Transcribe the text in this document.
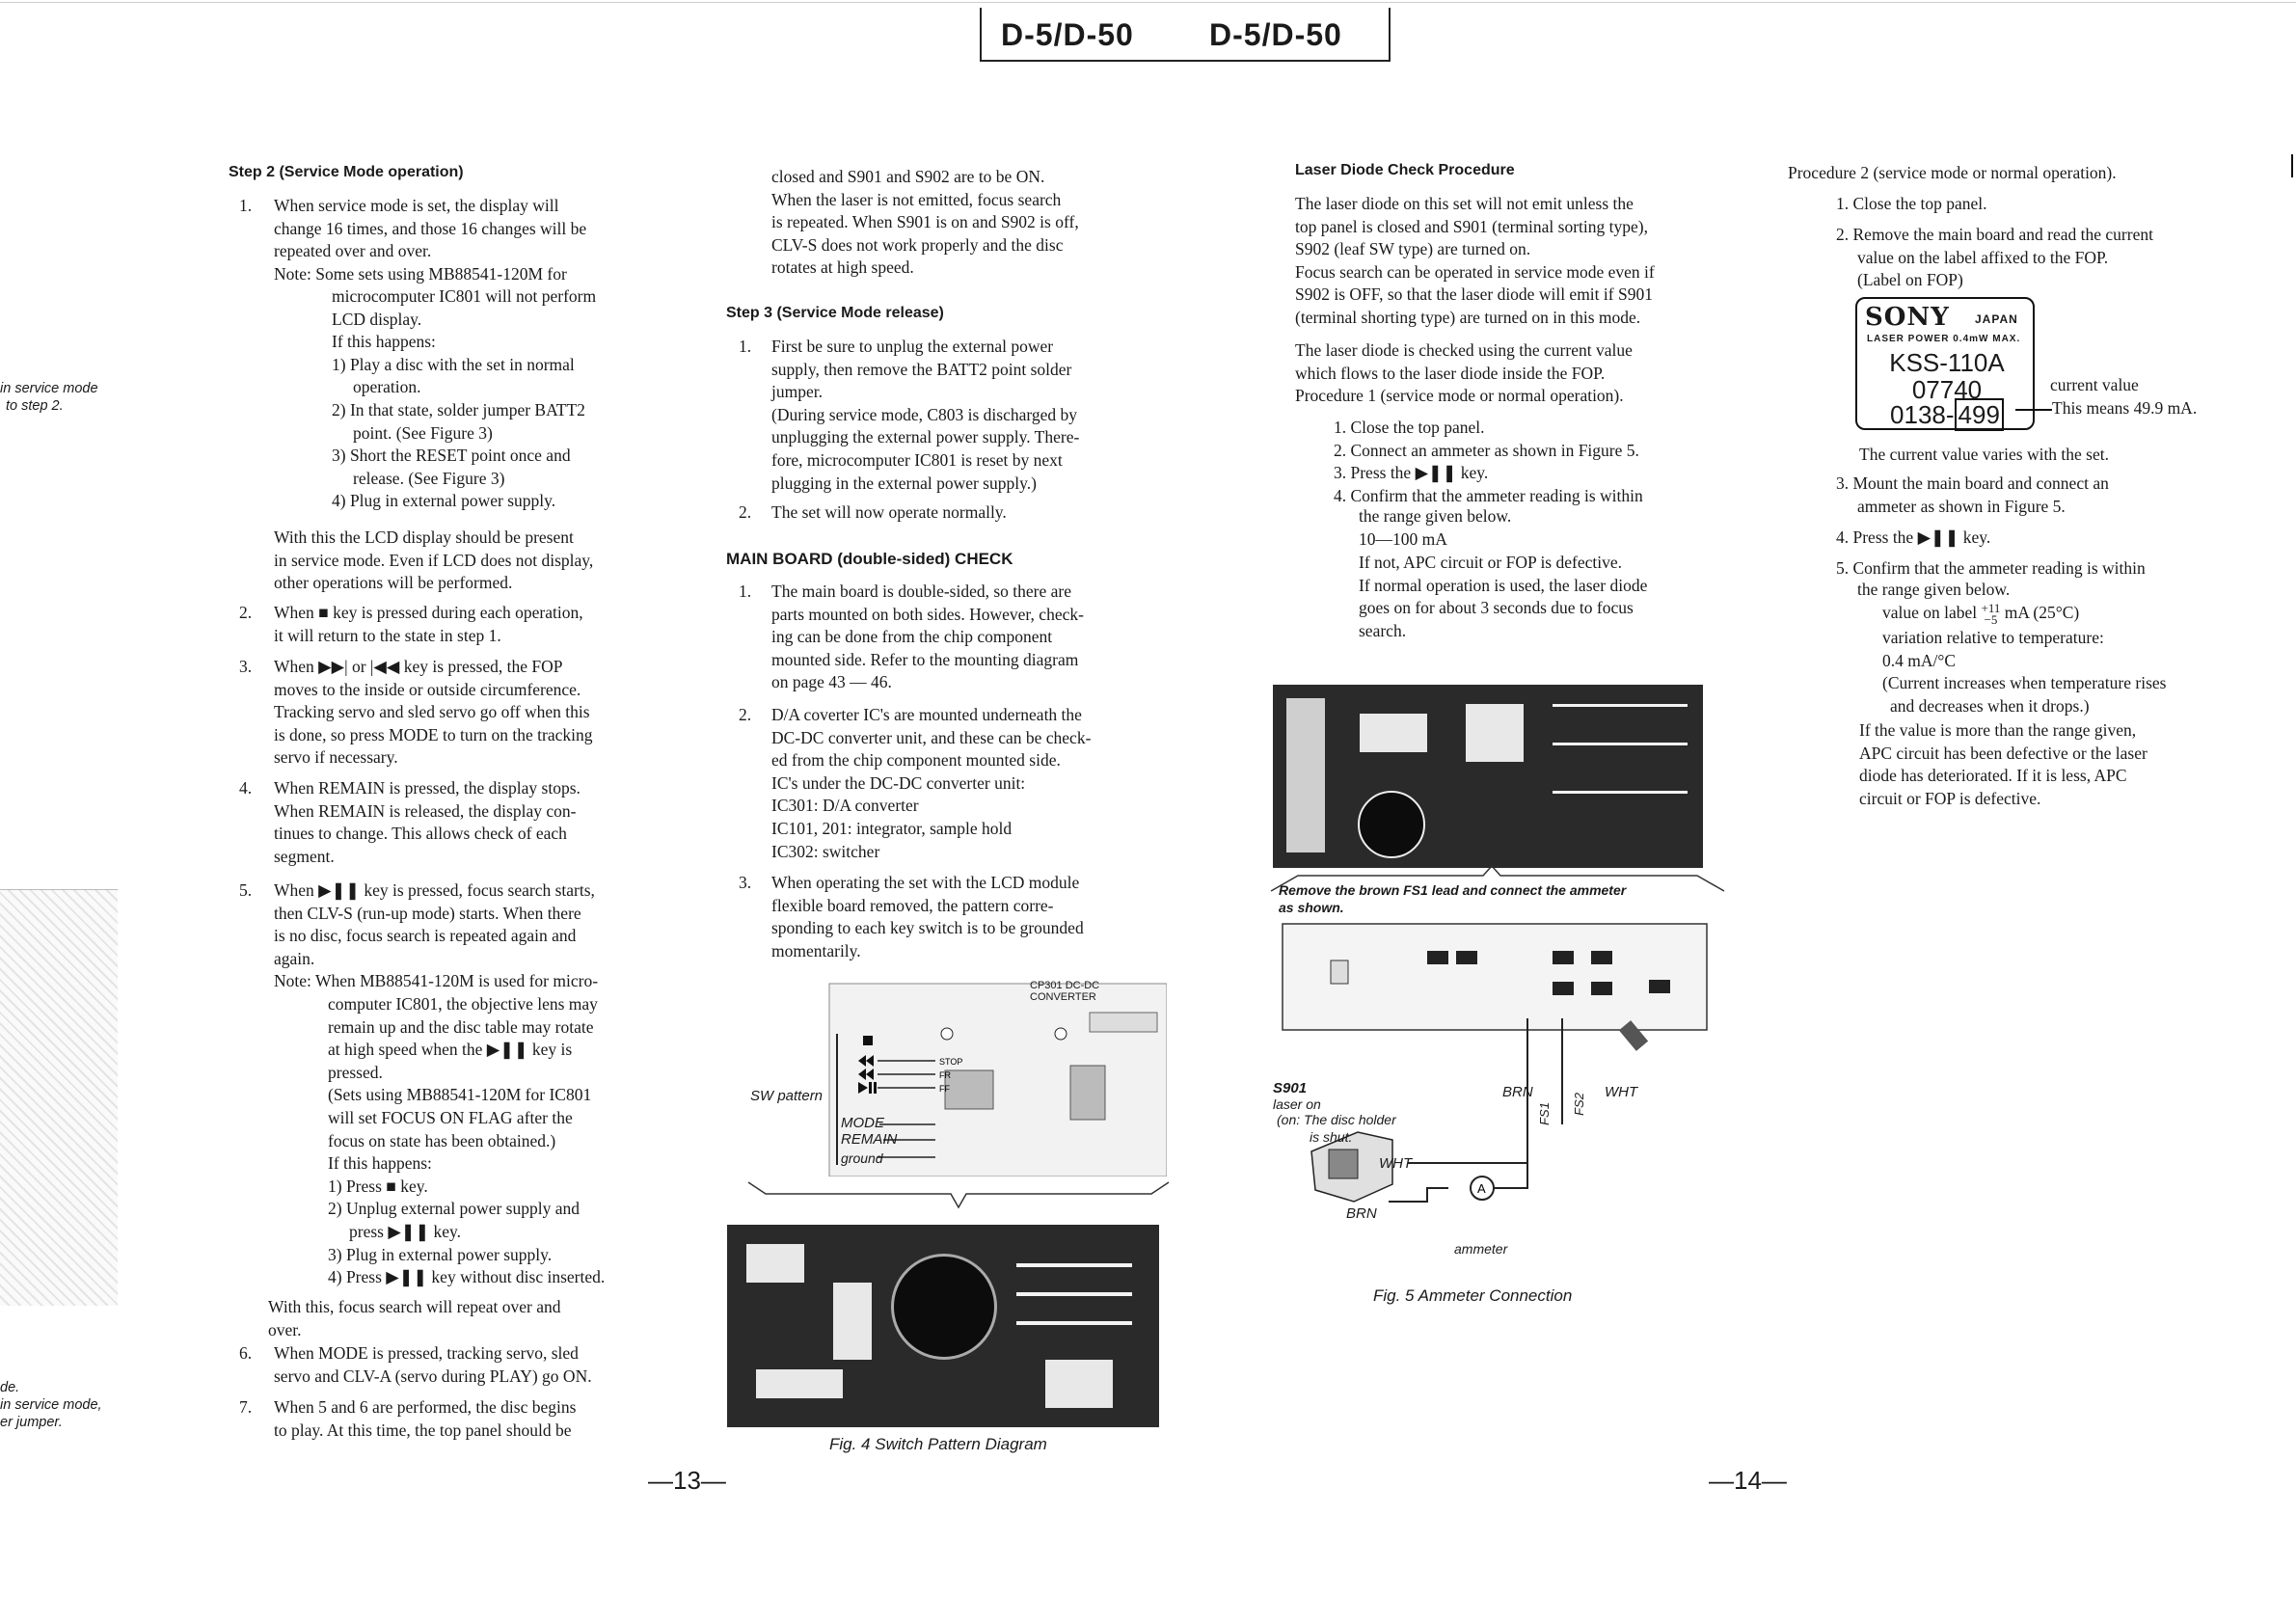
D-5/D-50 D-5/D-50
in service mode
to step 2.
de.
in service mode,
er jumper.
Step 2 (Service Mode operation)
1. When service mode is set, the display will
change 16 times, and those 16 changes will be
repeated over and over.
Note: Some sets using MB88541-120M for
microcomputer IC801 will not perform
LCD display.
If this happens:
1) Play a disc with the set in normal
operation.
2) In that state, solder jumper BATT2
point. (See Figure 3)
3) Short the RESET point once and
release. (See Figure 3)
4) Plug in external power supply.
With this the LCD display should be present
in service mode. Even if LCD does not display,
other operations will be performed.
2. When ■ key is pressed during each operation,
it will return to the state in step 1.
3. When ▶▶| or |◀◀ key is pressed, the FOP
moves to the inside or outside circumference.
Tracking servo and sled servo go off when this
is done, so press MODE to turn on the tracking
servo if necessary.
4. When REMAIN is pressed, the display stops.
When REMAIN is released, the display con-
tinues to change. This allows check of each
segment.
5. When ▶❚❚ key is pressed, focus search starts,
then CLV-S (run-up mode) starts. When there
is no disc, focus search is repeated again and
again.
Note: When MB88541-120M is used for micro-
computer IC801, the objective lens may
remain up and the disc table may rotate
at high speed when the ▶❚❚ key is
pressed.
(Sets using MB88541-120M for IC801
will set FOCUS ON FLAG after the
focus on state has been obtained.)
If this happens:
1) Press ■ key.
2) Unplug external power supply and
press ▶❚❚ key.
3) Plug in external power supply.
4) Press ▶❚❚ key without disc inserted.
With this, focus search will repeat over and
over.
6. When MODE is pressed, tracking servo, sled
servo and CLV-A (servo during PLAY) go ON.
7. When 5 and 6 are performed, the disc begins
to play. At this time, the top panel should be
closed and S901 and S902 are to be ON.
When the laser is not emitted, focus search
is repeated. When S901 is on and S902 is off,
CLV-S does not work properly and the disc
rotates at high speed.
Step 3 (Service Mode release)
1. First be sure to unplug the external power
supply, then remove the BATT2 point solder
jumper.
(During service mode, C803 is discharged by
unplugging the external power supply. There-
fore, microcomputer IC801 is reset by next
plugging in the external power supply.)
2. The set will now operate normally.
MAIN BOARD (double-sided) CHECK
1. The main board is double-sided, so there are
parts mounted on both sides. However, check-
ing can be done from the chip component
mounted side. Refer to the mounting diagram
on page 43 — 46.
2. D/A coverter IC's are mounted underneath the
DC-DC converter unit, and these can be check-
ed from the chip component mounted side.
IC's under the DC-DC converter unit:
IC301: D/A converter
IC101, 201: integrator, sample hold
IC302: switcher
3. When operating the set with the LCD module
flexible board removed, the pattern corre-
sponding to each key switch is to be grounded
momentarily.
STOP
FR
FF
SW pattern
MODE
REMAIN
ground
CP301 DC-DC CONVERTER
Fig. 4 Switch Pattern Diagram
—13—
Laser Diode Check Procedure
The laser diode on this set will not emit unless the
top panel is closed and S901 (terminal sorting type),
S902 (leaf SW type) are turned on.
Focus search can be operated in service mode even if
S902 is OFF, so that the laser diode will emit if S901
(terminal shorting type) are turned on in this mode.
The laser diode is checked using the current value
which flows to the laser diode inside the FOP.
Procedure 1 (service mode or normal operation).
1. Close the top panel.
2. Connect an ammeter as shown in Figure 5.
3. Press the ▶❚❚ key.
4. Confirm that the ammeter reading is within
the range given below.
10—100 mA
If not, APC circuit or FOP is defective.
If normal operation is used, the laser diode
goes on for about 3 seconds due to focus
search.
Remove the brown FS1 lead and connect the ammeter
as shown.
A
S901
laser on
(on: The disc holder
is shut.
BRN	WHT
FS1 FS2
WHT
BRN
ammeter
Fig. 5 Ammeter Connection
Procedure 2 (service mode or normal operation).
1. Close the top panel.
2. Remove the main board and read the current
value on the label affixed to the FOP.
(Label on FOP)
SONY JAPAN
LASER POWER 0.4mW MAX.
KSS-110A
07740
0138- 499
current value
This means 49.9 mA.
The current value varies with the set.
3. Mount the main board and connect an
ammeter as shown in Figure 5.
4. Press the ▶❚❚ key.
5. Confirm that the ammeter reading is within
the range given below.
value on label +11
−5 mA (25°C)
variation relative to temperature:
0.4 mA/°C
(Current increases when temperature rises
and decreases when it drops.)
If the value is more than the range given,
APC circuit has been defective or the laser
diode has deteriorated. If it is less, APC
circuit or FOP is defective.
—14—
